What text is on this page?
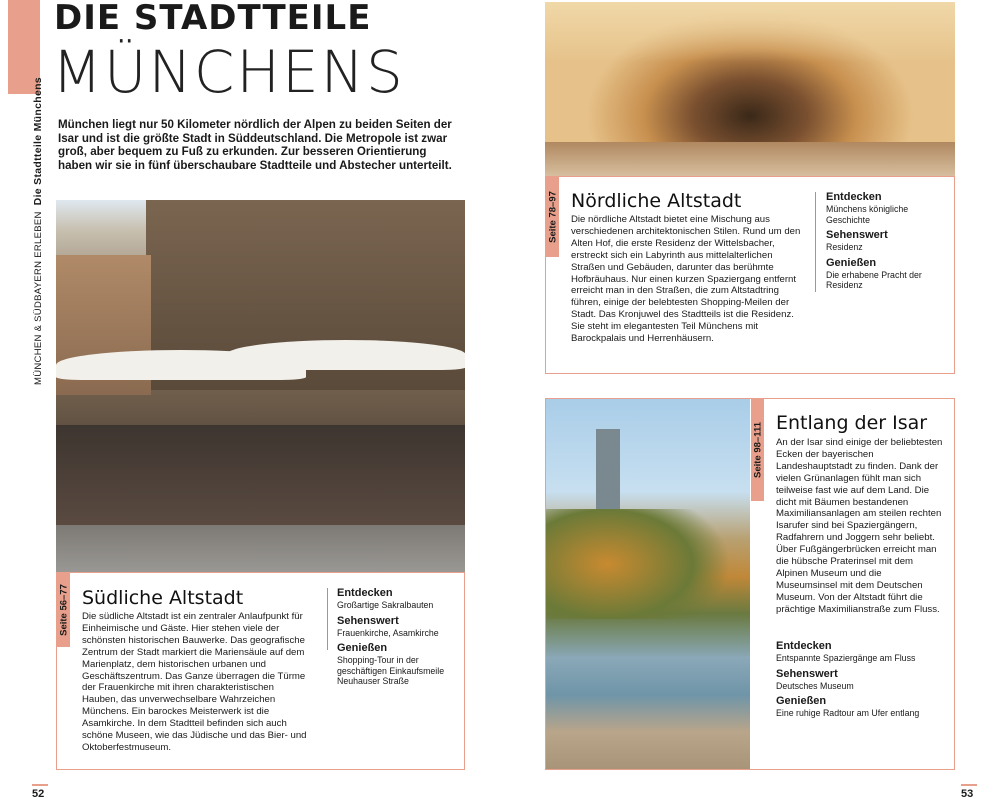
DIE STADTTEILE
MÜNCHENS
MÜNCHEN & SÜDBAYERN ERLEBENDie Stadtteile Münchens München liegt nur 50 Kilometer nördlich der Alpen zu beiden Seiten der Isar und ist die größte Stadt in Süddeutschland. Die Metropole ist zwar groß, aber bequem zu Fuß zu erkunden. Zur besseren Orientierung haben wir sie in fünf überschaubare Stadtteile und Abstecher unterteilt.
Seite 56–77 Südliche Altstadt
Die südliche Altstadt ist ein zentraler Anlaufpunkt für Einheimische und Gäste. Hier stehen viele der schönsten historischen Bauwerke. Das geografische Zentrum der Stadt markiert die Mariensäule auf dem Marienplatz, dem historischen urbanen und Geschäftszentrum. Das Ganze überragen die Türme der Frauenkirche mit ihren charakteristischen Hauben, das unverwechselbare Wahrzeichen Münchens. Ein barockes Meisterwerk ist die Asamkirche. In dem Stadtteil befinden sich auch schöne Museen, wie das Jüdische und das Bier- und Oktoberfestmuseum.
Entdecken
Großartige Sakralbauten
Sehenswert
Frauenkirche, Asamkirche
Genießen
Shopping-Tour in der geschäftigen Einkaufsmeile Neuhauser Straße
Seite 78–97 Nördliche Altstadt
Die nördliche Altstadt bietet eine Mischung aus verschiedenen architektonischen Stilen. Rund um den Alten Hof, die erste Residenz der Wittelsbacher, erstreckt sich ein Labyrinth aus mittelalterlichen Straßen und Gebäuden, darunter das berühmte Hofbräuhaus. Nur einen kurzen Spaziergang entfernt erreicht man in den Straßen, die zum Altstadtring führen, einige der belebtesten Shopping-Meilen der Stadt. Das Kronjuwel des Stadtteils ist die Residenz. Sie steht im elegantesten Teil Münchens mit Barockpalais und Herrenhäusern.
Entdecken
Münchens königliche Geschichte
Sehenswert
Residenz
Genießen
Die erhabene Pracht der Residenz
Seite 98–111 Entlang der Isar
An der Isar sind einige der beliebtesten Ecken der bayerischen Landeshauptstadt zu finden. Dank der vielen Grünanlagen fühlt man sich teilweise fast wie auf dem Land. Die dicht mit Bäumen bestandenen Maximiliansanlagen am steilen rechten Isarufer sind bei Spaziergängern, Radfahrern und Joggern sehr beliebt. Über Fußgängerbrücken erreicht man die hübsche Praterinsel mit dem Alpinen Museum und die Museumsinsel mit dem Deutschen Museum. Von der Altstadt führt die prächtige Maximilianstraße zum Fluss.
Entdecken
Entspannte Spaziergänge am Fluss
Sehenswert
Deutsches Museum
Genießen
Eine ruhige Radtour am Ufer entlang
52	53
